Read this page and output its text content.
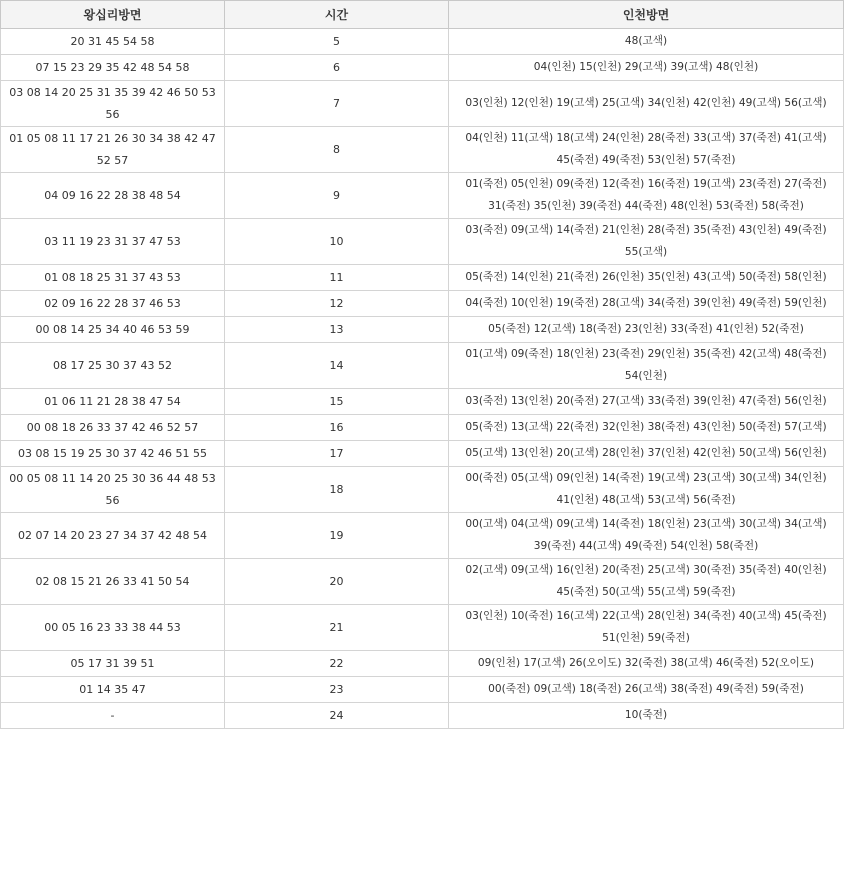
왕십리방면	시간	인천방면
20 31 45 54 58	5	48(고색)
07 15 23 29 35 42 48 54 58	6	04(인천) 15(인천) 29(고색) 39(고색) 48(인천)
03 08 14 20 25 31 35 39 42 46 50 53 56	7	03(인천) 12(인천) 19(고색) 25(고색) 34(인천) 42(인천) 49(고색) 56(고색)
01 05 08 11 17 21 26 30 34 38 42 47 52 57	8	04(인천) 11(고색) 18(고색) 24(인천) 28(죽전) 33(고색) 37(죽전) 41(고색) 45(죽전) 49(죽전) 53(인천) 57(죽전)
04 09 16 22 28 38 48 54	9	01(죽전) 05(인천) 09(죽전) 12(죽전) 16(죽전) 19(고색) 23(죽전) 27(죽전) 31(죽전) 35(인천) 39(죽전) 44(죽전) 48(인천) 53(죽전) 58(죽전)
03 11 19 23 31 37 47 53	10	03(죽전) 09(고색) 14(죽전) 21(인천) 28(죽전) 35(죽전) 43(인천) 49(죽전) 55(고색)
01 08 18 25 31 37 43 53	11	05(죽전) 14(인천) 21(죽전) 26(인천) 35(인천) 43(고색) 50(죽전) 58(인천)
02 09 16 22 28 37 46 53	12	04(죽전) 10(인천) 19(죽전) 28(고색) 34(죽전) 39(인천) 49(죽전) 59(인천)
00 08 14 25 34 40 46 53 59	13	05(죽전) 12(고색) 18(죽전) 23(인천) 33(죽전) 41(인천) 52(죽전)
08 17 25 30 37 43 52	14	01(고색) 09(죽전) 18(인천) 23(죽전) 29(인천) 35(죽전) 42(고색) 48(죽전) 54(인천)
01 06 11 21 28 38 47 54	15	03(죽전) 13(인천) 20(죽전) 27(고색) 33(죽전) 39(인천) 47(죽전) 56(인천)
00 08 18 26 33 37 42 46 52 57	16	05(죽전) 13(고색) 22(죽전) 32(인천) 38(죽전) 43(인천) 50(죽전) 57(고색)
03 08 15 19 25 30 37 42 46 51 55	17	05(고색) 13(인천) 20(고색) 28(인천) 37(인천) 42(인천) 50(고색) 56(인천)
00 05 08 11 14 20 25 30 36 44 48 53 56	18	00(죽전) 05(고색) 09(인천) 14(죽전) 19(고색) 23(고색) 30(고색) 34(인천) 41(인천) 48(고색) 53(고색) 56(죽전)
02 07 14 20 23 27 34 37 42 48 54	19	00(고색) 04(고색) 09(고색) 14(죽전) 18(인천) 23(고색) 30(고색) 34(고색) 39(죽전) 44(고색) 49(죽전) 54(인천) 58(죽전)
02 08 15 21 26 33 41 50 54	20	02(고색) 09(고색) 16(인천) 20(죽전) 25(고색) 30(죽전) 35(죽전) 40(인천) 45(죽전) 50(고색) 55(고색) 59(죽전)
00 05 16 23 33 38 44 53	21	03(인천) 10(죽전) 16(고색) 22(고색) 28(인천) 34(죽전) 40(고색) 45(죽전) 51(인천) 59(죽전)
05 17 31 39 51	22	09(인천) 17(고색) 26(오이도) 32(죽전) 38(고색) 46(죽전) 52(오이도)
01 14 35 47	23	00(죽전) 09(고색) 18(죽전) 26(고색) 38(죽전) 49(죽전) 59(죽전)
-	24	10(죽전)
